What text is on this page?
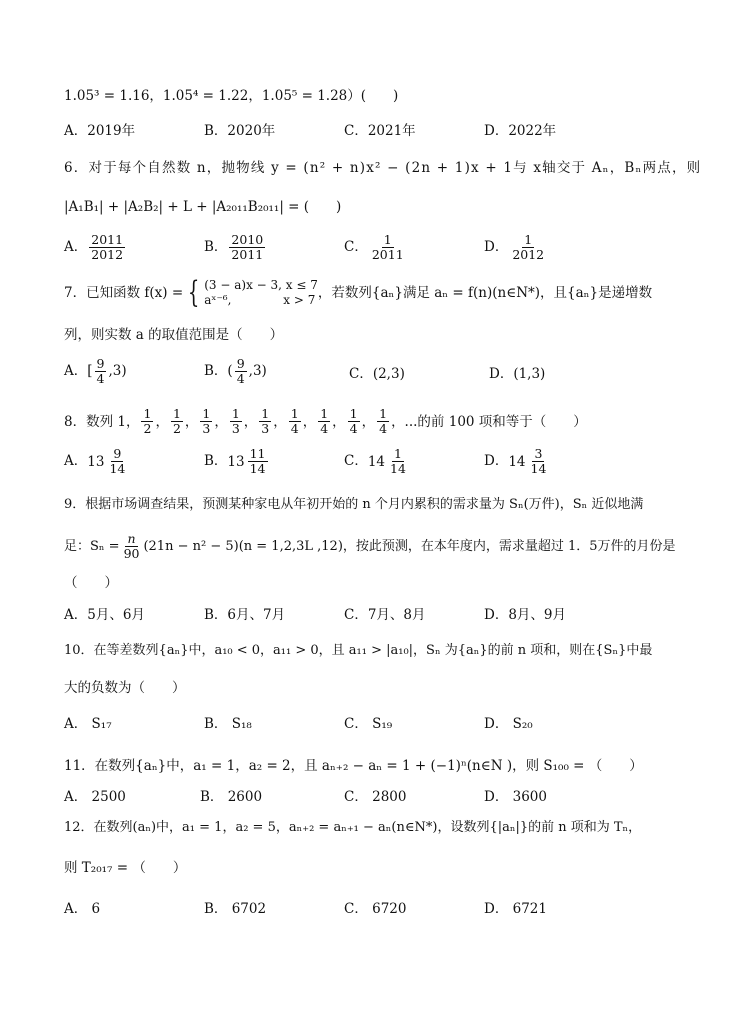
1.05³ = 1.16，1.05⁴ = 1.22，1.05⁵ = 1.28）(　　)
A．2019年	B．2020年	C．2021年	D．2022年
6．对于每个自然数 n，抛物线 y = (n² + n)x² − (2n + 1)x + 1与 x轴交于 Aₙ，Bₙ两点，则
|A₁B₁| + |A₂B₂| + L + |A₂₀₁₁B₂₀₁₁| = (　　)
A． $\frac{2011}{2012}$	B． $\frac{2010}{2011}$	C． $\frac{1}{2011}$	D． $\frac{1}{2012}$
7．已知函数 f(x) = { (3 − a)x − 3, x ≤ 7
aˣ⁻⁶,　　　　 x > 7 ，若数列{aₙ}满足 aₙ = f(n)(n∈N*)，且{aₙ}是递增数
列，则实数 a 的取值范围是（　　）
A．[ $\frac{9}{4} ,3$)	B．( $\frac{9}{4} ,3$)	C．(2,3)	D．(1,3)
8．数列 1， $\frac{1}{2}$ ， $\frac{1}{2}$ ， $\frac{1}{3}$ ， $\frac{1}{3}$ ， $\frac{1}{3}$ ， $\frac{1}{4}$ ， $\frac{1}{4}$ ， $\frac{1}{4}$ ， $\frac{1}{4}$ ，...的前 100 项和等于（　　）
A． $13 \frac{9}{14}$	B． $13 \frac{11}{14}$	C． $14 \frac{1}{14}$	D． $14 \frac{3}{14}$
9．根据市场调查结果，预测某种家电从年初开始的 n 个月内累积的需求量为 Sₙ(万件)，Sₙ 近似地满
足：$S_n = \frac{n}{90} (21n - n^2 - 5)(n = 1,2,3L$ ,12)，按此预测，在本年度内，需求量超过 1．5万件的月份是
（　　）
A．5月、6月	B．6月、7月	C．7月、8月	D．8月、9月
10．在等差数列{aₙ}中，a₁₀ < 0，a₁₁ > 0，且 a₁₁ > |a₁₀|，Sₙ 为{aₙ}的前 n 项和，则在{Sₙ}中最
大的负数为（　　）
A． S₁₇	B． S₁₈	C． S₁₉	D． S₂₀
11．在数列{aₙ}中，a₁ = 1，a₂ = 2，且 aₙ₊₂ − aₙ = 1 + (−1)ⁿ(n∈N )，则 S₁₀₀ = （　　）
A． 2500	B． 2600	C． 2800	D． 3600
12．在数列(aₙ)中，a₁ = 1，a₂ = 5，aₙ₊₂ = aₙ₊₁ − aₙ(n∈N*)，设数列{|aₙ|}的前 n 项和为 Tₙ，
则 T₂₀₁₇ = （　　）
A． 6	B． 6702	C． 6720	D． 6721
